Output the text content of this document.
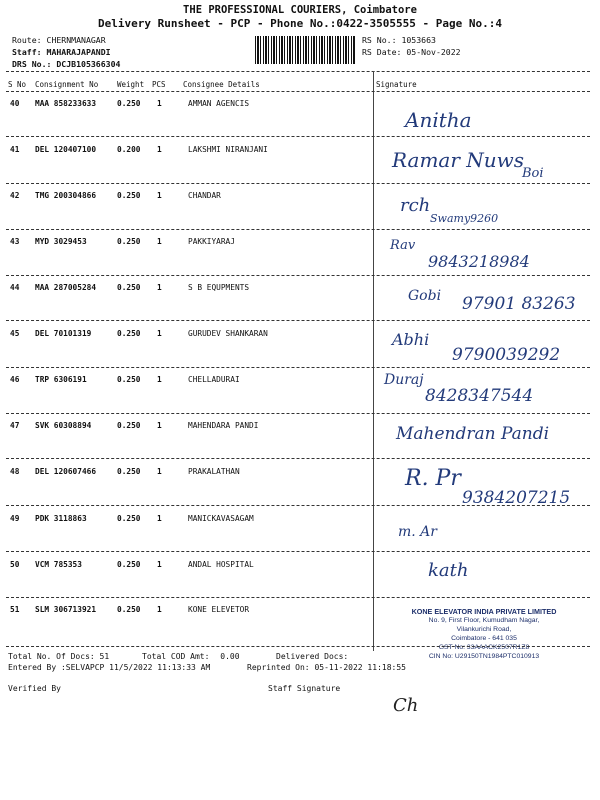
THE PROFESSIONAL COURIERS, Coimbatore
Delivery Runsheet - PCP - Phone No.:0422-3505555 - Page No.:4
Route: CHERNMANAGAR
Staff: MAHARAJAPANDI
DRS No.: DCJB105366304
RS No.: 1053663
RS Date: 05-Nov-2022
S No Consignment No	Weight PCS Consignee Details	Signature
40 MAA 858233633	0.250 1	AMMAN AGENCIS
Anitha
41 DEL 120407100	0.200 1	LAKSHMI NIRANJANI	Ramar Nuws
Boi
42 TMG 200304866	0.250 1	CHANDAR	rch
Swamy9260
43 MYD 3029453	0.250 1	PAKKIYARAJ	Rav
9843218984
44 MAA 287005284	0.250 1	S B EQUPMENTS
Gobi 97901 83263
45 DEL 70101319	0.250 1	GURUDEV SHANKARAN	Abhi
9790039292
46 TRP 6306191	0.250 1	CHELLADURAI	Duraj
8428347544
47 SVK 60308894	0.250 1	MAHENDARA PANDI	Mahendran Pandi
48 DEL 120607466	0.250 1	PRAKALATHAN	R. Pr
9384207215
49 PDK 3118863	0.250 1	MANICKAVASAGAM
m. Ar
50 VCM 785353	0.250 1	ANDAL HOSPITAL	kath
51 SLM 306713921	0.250 1	KONE ELEVETOR	KONE ELEVATOR INDIA PRIVATE LIMITED
No. 9, First Floor, Kumudham Nagar,
Vilankurichi Road,
Coimbatore - 641 035
GST No: 33AAACK2507R1Z8
CIN No: U29150TN1984PTC010913
Total No. Of Docs: 51	Total COD Amt: 0.00	Delivered Docs:
Entered By :SELVAPCP 11/5/2022 11:13:33 AM	Reprinted On: 05-11-2022 11:18:55
Verified By	Staff Signature
Ch
